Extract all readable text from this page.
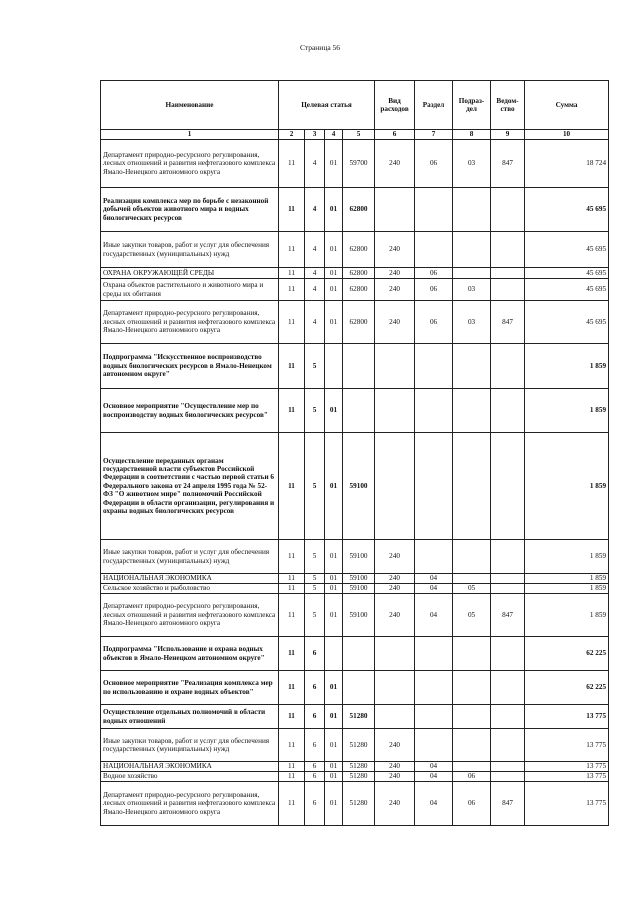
Страница 56
Наименование	Целевая статья				Вид расходов	Раздел	Подраз-дел	Ведом-ство	Сумма
1	2	3	4	5	6	7	8	9	10
Департамент природно-ресурсного регулирования, лесных отношений и развития нефтегазового комплекса Ямало-Ненецкого автономного округа	11	4	01	59700	240	06	03	847	18 724
Реализация комплекса мер по борьбе с незаконной добычей объектов животного мира и водных биологических ресурсов	11	4	01	62800					45 695
Иные закупки товаров, работ и услуг для обеспечения государственных (муниципальных) нужд	11	4	01	62800	240				45 695
ОХРАНА ОКРУЖАЮЩЕЙ СРЕДЫ	11	4	01	62800	240	06			45 695
Охрана объектов растительного и животного мира и среды их обитания	11	4	01	62800	240	06	03		45 695
Департамент природно-ресурсного регулирования, лесных отношений и развития нефтегазового комплекса Ямало-Ненецкого автономного округа	11	4	01	62800	240	06	03	847	45 695
Подпрограмма "Искусственное воспроизводство водных биологических ресурсов в Ямало-Ненецком автономном округе"	11	5							1 859
Основное мероприятие "Осуществление мер по воспроизводству водных биологических ресурсов"	11	5	01						1 859
Осуществление переданных органам государственной власти субъектов Российской Федерации в соответствии с частью первой статьи 6 Федерального закона от 24 апреля 1995 года № 52-ФЗ "О животном мире" полномочий Российской Федерации в области организации, регулирования и охраны водных биологических ресурсов	11	5	01	59100					1 859
Иные закупки товаров, работ и услуг для обеспечения государственных (муниципальных) нужд	11	5	01	59100	240				1 859
НАЦИОНАЛЬНАЯ ЭКОНОМИКА	11	5	01	59100	240	04			1 859
Сельское хозяйство и рыболовство	11	5	01	59100	240	04	05		1 859
Департамент природно-ресурсного регулирования, лесных отношений и развития нефтегазового комплекса Ямало-Ненецкого автономного округа	11	5	01	59100	240	04	05	847	1 859
Подпрограмма "Использование и охрана водных объектов в Ямало-Ненецком автономном округе"	11	6							62 225
Основное мероприятие "Реализация комплекса мер по использованию и охране водных объектов"	11	6	01						62 225
Осуществление отдельных полномочий в области водных отношений	11	6	01	51280					13 775
Иные закупки товаров, работ и услуг для обеспечения государственных (муниципальных) нужд	11	6	01	51280	240				13 775
НАЦИОНАЛЬНАЯ ЭКОНОМИКА	11	6	01	51280	240	04			13 775
Водное хозяйство	11	6	01	51280	240	04	06		13 775
Департамент природно-ресурсного регулирования, лесных отношений и развития нефтегазового комплекса Ямало-Ненецкого автономного округа	11	6	01	51280	240	04	06	847	13 775
